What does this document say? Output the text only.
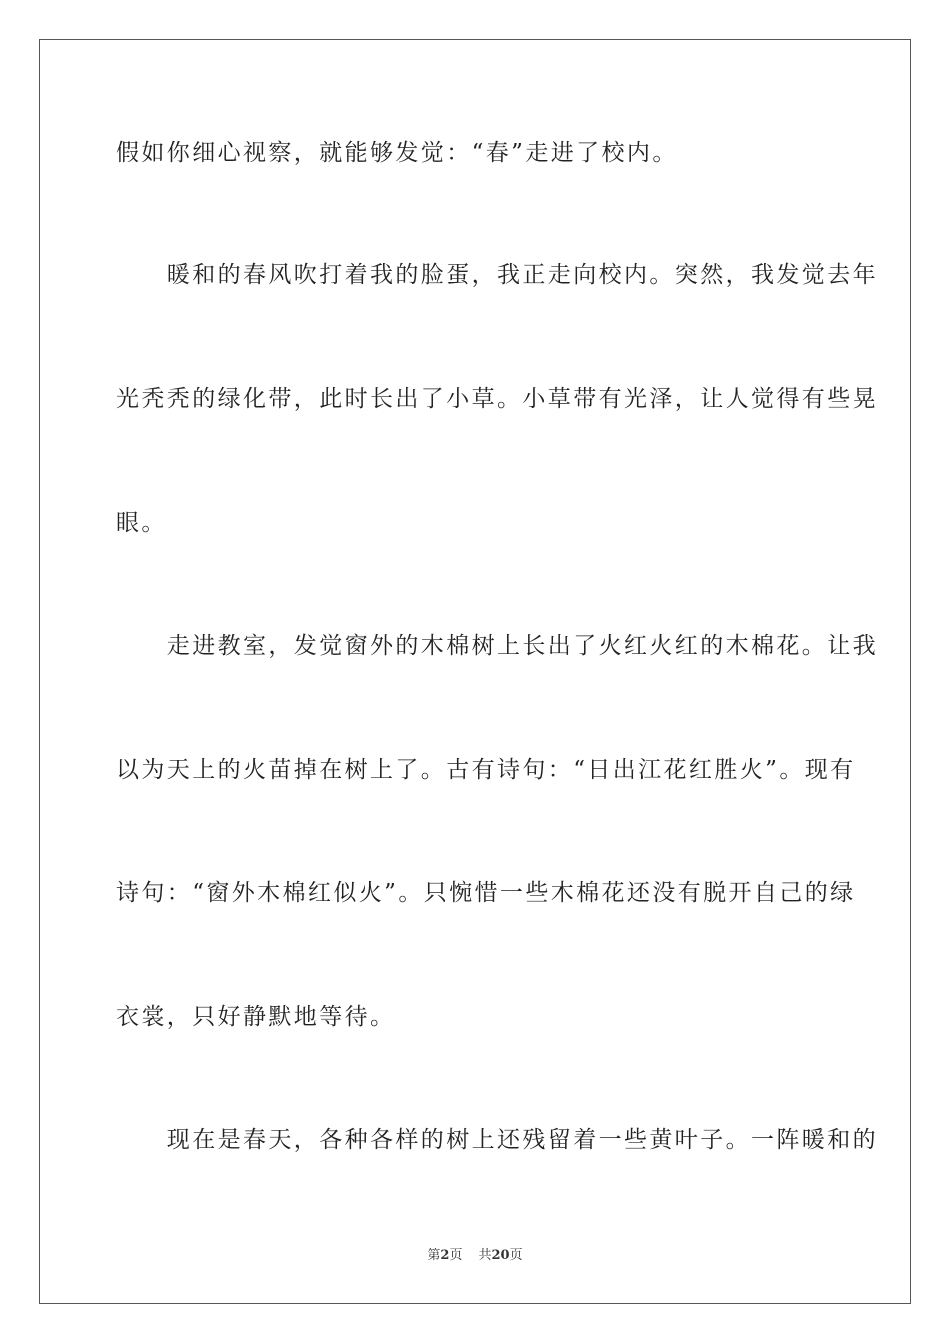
假如你细心视察，就能够发觉：“春”走进了校内。
　　暖和的春风吹打着我的脸蛋，我正走向校内。突然，我发觉去年
光秃秃的绿化带，此时长出了小草。小草带有光泽，让人觉得有些晃
眼。
　　走进教室，发觉窗外的木棉树上长出了火红火红的木棉花。让我
以为天上的火苗掉在树上了。古有诗句：“日出江花红胜火”。现有
诗句：“窗外木棉红似火”。只惋惜一些木棉花还没有脱开自己的绿
衣裳，只好静默地等待。
　　现在是春天，各种各样的树上还残留着一些黄叶子。一阵暖和的
第2页 共20页
